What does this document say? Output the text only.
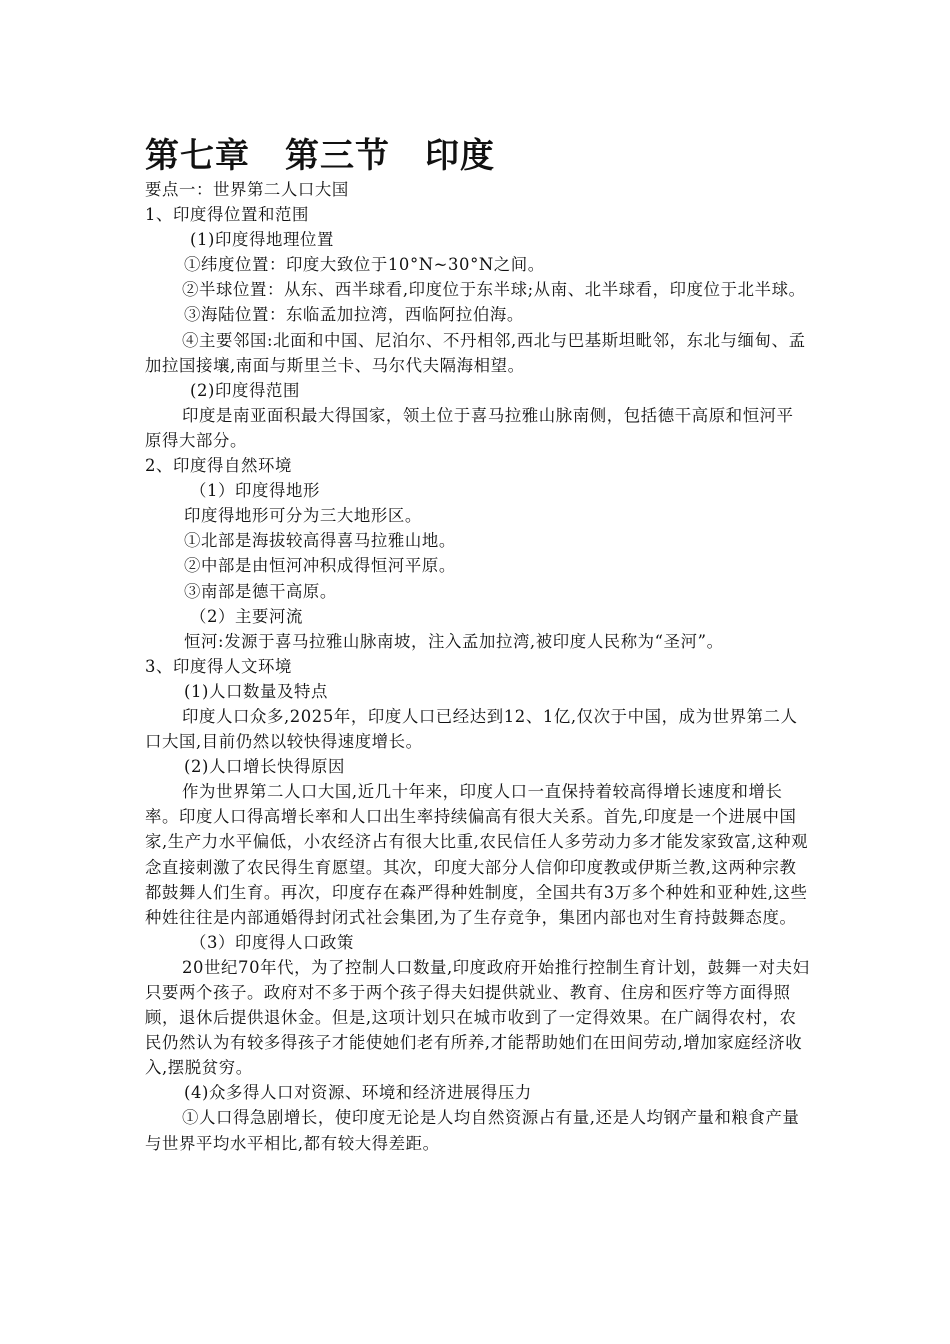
第七章　第三节　印度

要点一：世界第二人口大国

1、印度得位置和范围

(1)印度得地理位置

①纬度位置：印度大致位于10°N~30°N之间。

②半球位置：从东、西半球看,印度位于东半球;从南、北半球看，印度位于北半球。

③海陆位置：东临孟加拉湾，西临阿拉伯海。

④主要邻国:北面和中国、尼泊尔、不丹相邻,西北与巴基斯坦毗邻，东北与缅甸、孟加拉国接壤,南面与斯里兰卡、马尔代夫隔海相望。

(2)印度得范围

印度是南亚面积最大得国家，领土位于喜马拉雅山脉南侧，包括德干高原和恒河平原得大部分。

2、印度得自然环境

（1）印度得地形

印度得地形可分为三大地形区。

①北部是海拔较高得喜马拉雅山地。

②中部是由恒河冲积成得恒河平原。

③南部是德干高原。

（2）主要河流

恒河:发源于喜马拉雅山脉南坡，注入孟加拉湾,被印度人民称为“圣河”。

3、印度得人文环境

(1)人口数量及特点

印度人口众多,2025年，印度人口已经达到12、1亿,仅次于中国，成为世界第二人口大国,目前仍然以较快得速度增长。

(2)人口增长快得原因

作为世界第二人口大国,近几十年来，印度人口一直保持着较高得增长速度和增长率。印度人口得高增长率和人口出生率持续偏高有很大关系。首先,印度是一个进展中国家,生产力水平偏低，小农经济占有很大比重,农民信任人多劳动力多才能发家致富,这种观念直接刺激了农民得生育愿望。其次，印度大部分人信仰印度教或伊斯兰教,这两种宗教都鼓舞人们生育。再次，印度存在森严得种姓制度，全国共有3万多个种姓和亚种姓,这些种姓往往是内部通婚得封闭式社会集团,为了生存竞争，集团内部也对生育持鼓舞态度。

（3）印度得人口政策

20世纪70年代，为了控制人口数量,印度政府开始推行控制生育计划，鼓舞一对夫妇只要两个孩子。政府对不多于两个孩子得夫妇提供就业、教育、住房和医疗等方面得照顾，退休后提供退休金。但是,这项计划只在城市收到了一定得效果。在广阔得农村，农民仍然认为有较多得孩子才能使她们老有所养,才能帮助她们在田间劳动,增加家庭经济收入,摆脱贫穷。

(4)众多得人口对资源、环境和经济进展得压力

①人口得急剧增长，使印度无论是人均自然资源占有量,还是人均钢产量和粮食产量与世界平均水平相比,都有较大得差距。
